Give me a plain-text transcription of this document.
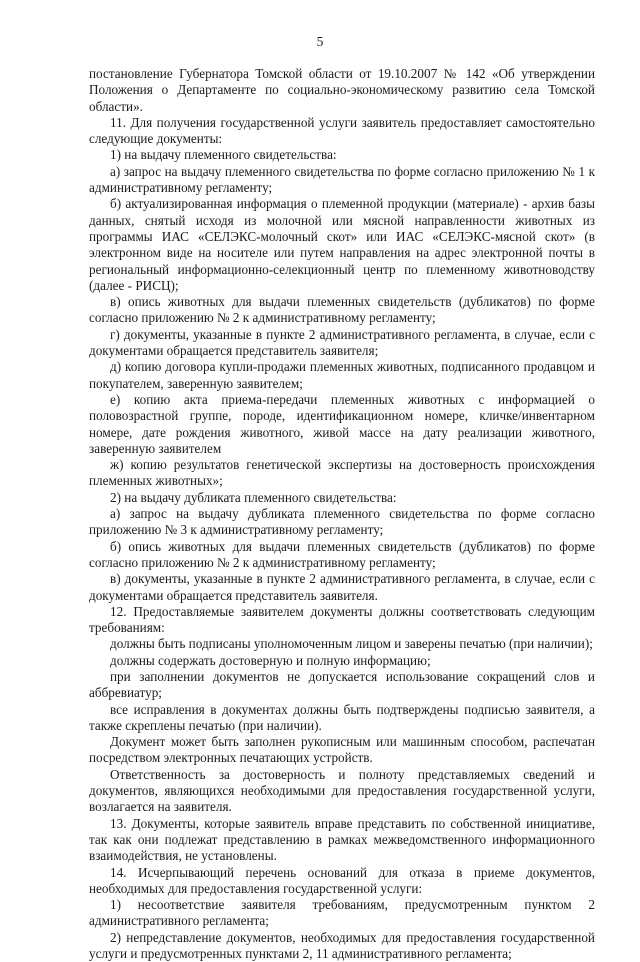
5

постановление Губернатора Томской области от 19.10.2007 № 142 «Об утверждении Положения о Департаменте по социально-экономическому развитию села Томской области».

11. Для получения государственной услуги заявитель предоставляет самостоятельно следующие документы:

1) на выдачу племенного свидетельства:

а) запрос на выдачу племенного свидетельства по форме согласно приложению № 1 к административному регламенту;

б) актуализированная информация о племенной продукции (материале) - архив базы данных, снятый исходя из молочной или мясной направленности животных из программы ИАС «СЕЛЭКС-молочный скот» или ИАС «СЕЛЭКС-мясной скот» (в электронном виде на носителе или путем направления на адрес электронной почты в региональный информационно-селекционный центр по племенному животноводству (далее - РИСЦ);

в) опись животных для выдачи племенных свидетельств (дубликатов) по форме согласно приложению № 2 к административному регламенту;

г) документы, указанные в пункте 2 административного регламента, в случае, если с документами обращается представитель заявителя;

д) копию договора купли-продажи племенных животных, подписанного продавцом и покупателем, заверенную заявителем;

е) копию акта приема-передачи племенных животных с информацией о половозрастной группе, породе, идентификационном номере, кличке/инвентарном номере, дате рождения животного, живой массе на дату реализации животного, заверенную заявителем

ж) копию результатов генетической экспертизы на достоверность происхождения племенных животных»;

2) на выдачу дубликата племенного свидетельства:

а) запрос на выдачу дубликата племенного свидетельства по форме согласно приложению № 3 к административному регламенту;

б) опись животных для выдачи племенных свидетельств (дубликатов) по форме согласно приложению № 2 к административному регламенту;

в) документы, указанные в пункте 2 административного регламента, в случае, если с документами обращается представитель заявителя.

12. Предоставляемые заявителем документы должны соответствовать следующим требованиям:

должны быть подписаны уполномоченным лицом и заверены печатью (при наличии);

должны содержать достоверную и полную информацию;

при заполнении документов не допускается использование сокращений слов и аббревиатур;

все исправления в документах должны быть подтверждены подписью заявителя, а также скреплены печатью (при наличии).

Документ может быть заполнен рукописным или машинным способом, распечатан посредством электронных печатающих устройств.

Ответственность за достоверность и полноту представляемых сведений и документов, являющихся необходимыми для предоставления государственной услуги, возлагается на заявителя.

13. Документы, которые заявитель вправе представить по собственной инициативе, так как они подлежат представлению в рамках межведомственного информационного взаимодействия, не установлены.

14. Исчерпывающий перечень оснований для отказа в приеме документов, необходимых для предоставления государственной услуги:

1) несоответствие заявителя требованиям, предусмотренным пунктом 2 административного регламента;

2) непредставление документов, необходимых для предоставления государственной услуги и предусмотренных пунктами 2, 11 административного регламента;
